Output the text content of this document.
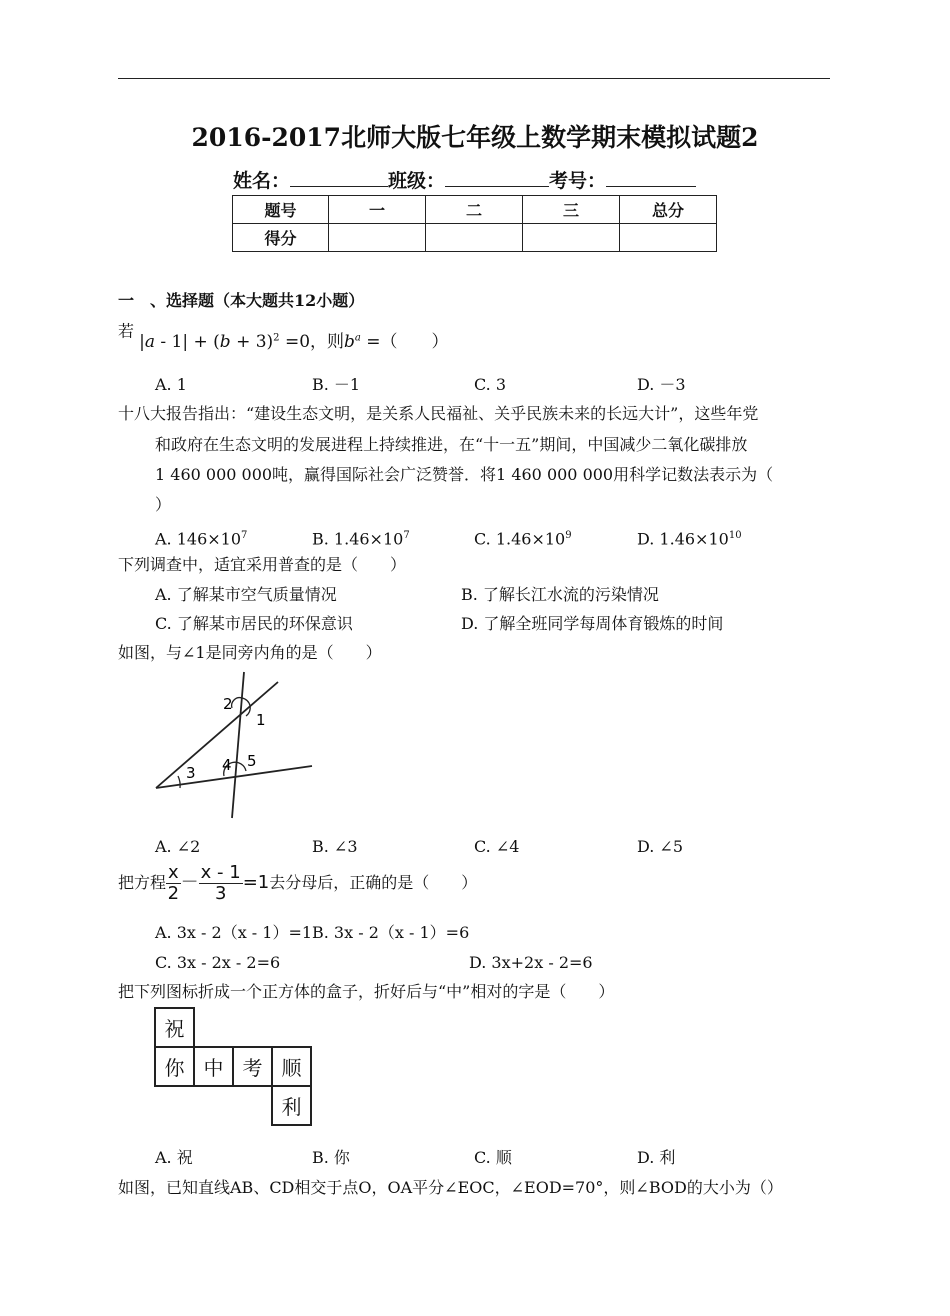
2016-2017北师大版七年级上数学期末模拟试题2
姓名：	班级：	考号：
题号	一	二	三	总分
得分				
一　、选择题（本大题共12小题）
若 $|a - 1| + (b + 3)^2 =0$，则$b^a$ =（　　）
A. 1	B. －1	C. 3	D. －3
十八大报告指出：“建设生态文明，是关系人民福祉、关乎民族未来的长远大计”，这些年党
和政府在生态文明的发展进程上持续推进，在“十一五”期间，中国减少二氧化碳排放
1 460 000 000吨，赢得国际社会广泛赞誉．将1 460 000 000用科学记数法表示为（
）
A. $146\times 10^7$	B. $1.46\times 10^7$	C. $1.46\times 10^9$	D. $1.46\times 10^{10}$
下列调查中，适宜采用普查的是（　　）
A. 了解某市空气质量情况	B. 了解长江水流的污染情况
C. 了解某市居民的环保意识	D. 了解全班同学每周体育锻炼的时间
如图，与∠1是同旁内角的是（　　）
2
1
3 4 5
A. ∠2	B. ∠3	C. ∠4	D. ∠5
把方程 $\frac{x}{2} - \frac{x - 1}{3} =1$去分母后，正确的是（　　）
A. 3x - 2（x - 1）=1 B. 3x - 2（x - 1）=6
C. 3x - 2x - 2=6	D. 3x+2x - 2=6
把下列图标折成一个正方体的盒子，折好后与“中”相对的字是（　　）
祝			
你	中	考	顺
			利
A. 祝	B. 你	C. 顺	D. 利
如图，已知直线AB、CD相交于点O，OA平分∠EOC，∠EOD=70°，则∠BOD的大小为（）
